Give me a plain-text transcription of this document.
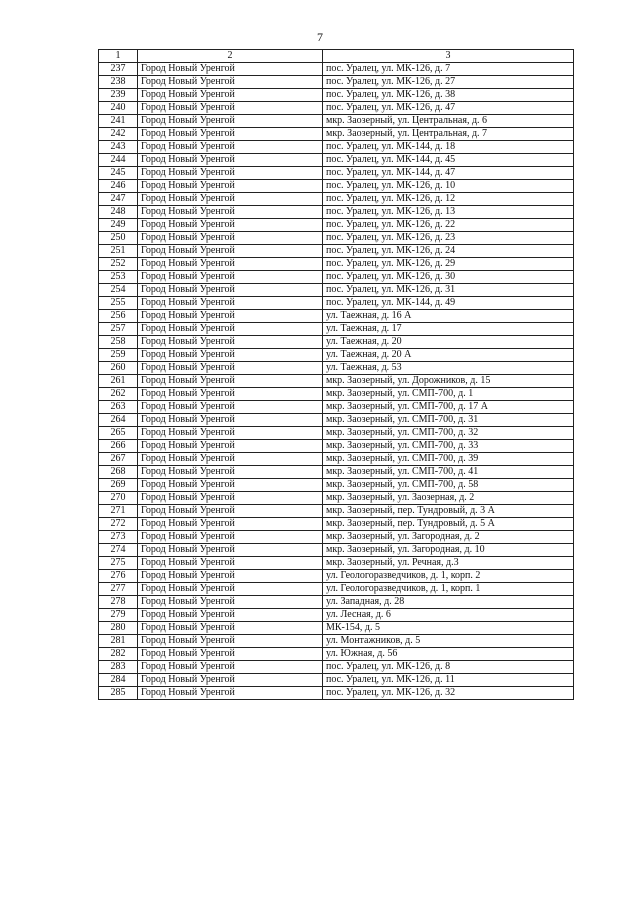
7
1	2	3
237	Город Новый Уренгой	пос. Уралец, ул. МК-126, д. 7
238	Город Новый Уренгой	пос. Уралец, ул. МК-126, д. 27
239	Город Новый Уренгой	пос. Уралец, ул. МК-126, д. 38
240	Город Новый Уренгой	пос. Уралец, ул. МК-126, д. 47
241	Город Новый Уренгой	мкр. Заозерный, ул. Центральная, д. 6
242	Город Новый Уренгой	мкр. Заозерный, ул. Центральная, д. 7
243	Город Новый Уренгой	пос. Уралец, ул. МК-144, д. 18
244	Город Новый Уренгой	пос. Уралец, ул. МК-144, д. 45
245	Город Новый Уренгой	пос. Уралец, ул. МК-144, д. 47
246	Город Новый Уренгой	пос. Уралец, ул. МК-126, д. 10
247	Город Новый Уренгой	пос. Уралец, ул. МК-126, д. 12
248	Город Новый Уренгой	пос. Уралец, ул. МК-126, д. 13
249	Город Новый Уренгой	пос. Уралец, ул. МК-126, д. 22
250	Город Новый Уренгой	пос. Уралец, ул. МК-126, д. 23
251	Город Новый Уренгой	пос. Уралец, ул. МК-126, д. 24
252	Город Новый Уренгой	пос. Уралец, ул. МК-126, д. 29
253	Город Новый Уренгой	пос. Уралец, ул. МК-126, д. 30
254	Город Новый Уренгой	пос. Уралец, ул. МК-126, д. 31
255	Город Новый Уренгой	пос. Уралец, ул. МК-144, д. 49
256	Город Новый Уренгой	ул. Таежная, д. 16 А
257	Город Новый Уренгой	ул. Таежная, д. 17
258	Город Новый Уренгой	ул. Таежная, д. 20
259	Город Новый Уренгой	ул. Таежная, д. 20 А
260	Город Новый Уренгой	ул. Таежная, д. 53
261	Город Новый Уренгой	мкр. Заозерный, ул. Дорожников, д. 15
262	Город Новый Уренгой	мкр. Заозерный, ул. СМП-700, д. 1
263	Город Новый Уренгой	мкр. Заозерный, ул. СМП-700, д. 17 А
264	Город Новый Уренгой	мкр. Заозерный, ул. СМП-700, д. 31
265	Город Новый Уренгой	мкр. Заозерный, ул. СМП-700, д. 32
266	Город Новый Уренгой	мкр. Заозерный, ул. СМП-700, д. 33
267	Город Новый Уренгой	мкр. Заозерный, ул. СМП-700, д. 39
268	Город Новый Уренгой	мкр. Заозерный, ул. СМП-700, д. 41
269	Город Новый Уренгой	мкр. Заозерный, ул. СМП-700, д. 58
270	Город Новый Уренгой	мкр. Заозерный, ул. Заозерная, д. 2
271	Город Новый Уренгой	мкр. Заозерный, пер. Тундровый, д. 3 А
272	Город Новый Уренгой	мкр. Заозерный, пер. Тундровый, д. 5 А
273	Город Новый Уренгой	мкр. Заозерный, ул. Загородная, д. 2
274	Город Новый Уренгой	мкр. Заозерный, ул. Загородная, д. 10
275	Город Новый Уренгой	мкр. Заозерный, ул. Речная, д.3
276	Город Новый Уренгой	ул. Геологоразведчиков, д. 1, корп. 2
277	Город Новый Уренгой	ул. Геологоразведчиков, д. 1, корп. 1
278	Город Новый Уренгой	ул. Западная, д. 28
279	Город Новый Уренгой	ул. Лесная, д. 6
280	Город Новый Уренгой	МК-154, д. 5
281	Город Новый Уренгой	ул. Монтажников, д. 5
282	Город Новый Уренгой	ул. Южная, д. 56
283	Город Новый Уренгой	пос. Уралец, ул. МК-126, д. 8
284	Город Новый Уренгой	пос. Уралец, ул. МК-126, д. 11
285	Город Новый Уренгой	пос. Уралец, ул. МК-126, д. 32
